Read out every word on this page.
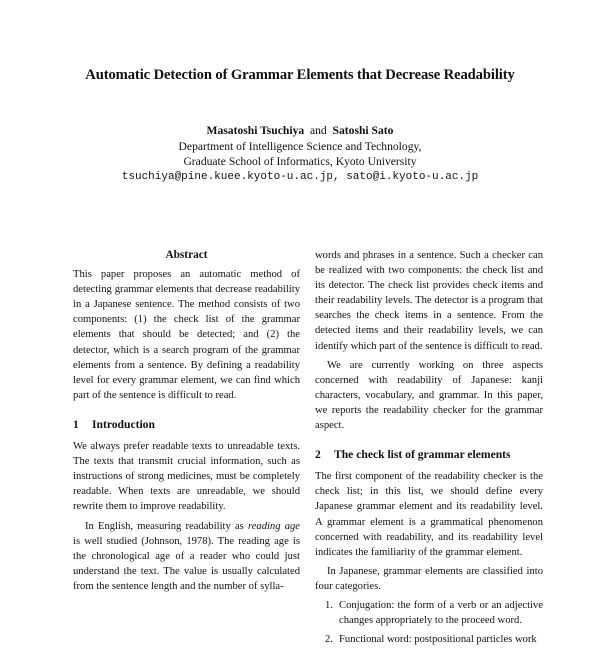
Automatic Detection of Grammar Elements that Decrease Readability
Masatoshi Tsuchiya and Satoshi Sato
Department of Intelligence Science and Technology,
Graduate School of Informatics, Kyoto University
tsuchiya@pine.kuee.kyoto-u.ac.jp, sato@i.kyoto-u.ac.jp
Abstract

This paper proposes an automatic method of detecting grammar elements that decrease readability in a Japanese sentence. The method consists of two components: (1) the check list of the grammar elements that should be detected; and (2) the detector, which is a search program of the grammar elements from a sentence. By defining a readability level for every grammar element, we can find which part of the sentence is difficult to read.

1 Introduction

We always prefer readable texts to unreadable texts. The texts that transmit crucial information, such as instructions of strong medicines, must be completely readable. When texts are unreadable, we should rewrite them to improve readability.

In English, measuring readability as reading age is well studied (Johnson, 1978). The reading age is the chronological age of a reader who could just understand the text. The value is usually calculated from the sentence length and the number of sylla-

words and phrases in a sentence. Such a checker can be realized with two components: the check list and its detector. The check list provides check items and their readability levels. The detector is a program that searches the check items in a sentence. From the detected items and their readability levels, we can identify which part of the sentence is difficult to read.

We are currently working on three aspects concerned with readability of Japanese: kanji characters, vocabulary, and grammar. In this paper, we reports the readability checker for the grammar aspect.

2 The check list of grammar elements

The first component of the readability checker is the check list; in this list, we should define every Japanese grammar element and its readability level. A grammar element is a grammatical phenomenon concerned with readability, and its readability level indicates the familiarity of the grammar element.

In Japanese, grammar elements are classified into four categories.

1. Conjugation: the form of a verb or an adjective changes appropriately to the proceed word.
2. Functional word: postpositional particles work
